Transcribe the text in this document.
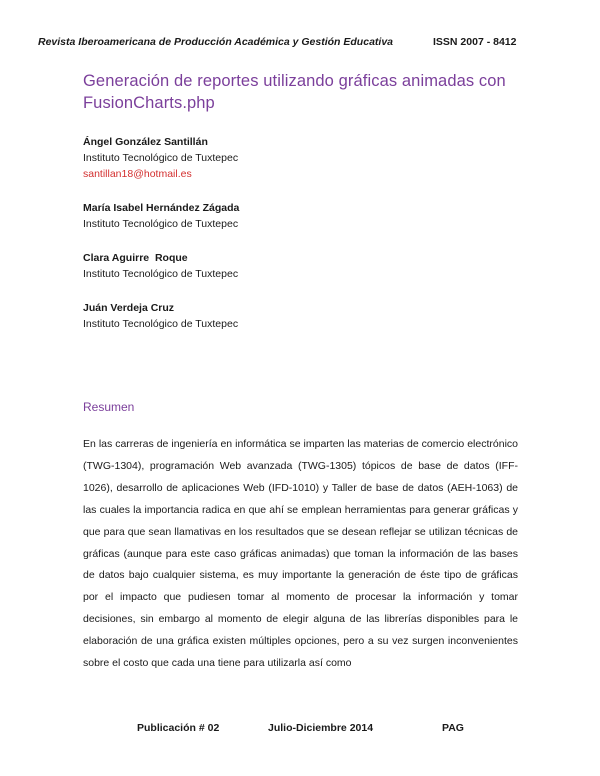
Revista Iberoamericana de Producción Académica y Gestión Educativa	ISSN 2007 - 8412
Generación de reportes utilizando gráficas animadas con FusionCharts.php
Ángel González Santillán
Instituto Tecnológico de Tuxtepec
santillan18@hotmail.es
María Isabel Hernández Zágada
Instituto Tecnológico de Tuxtepec
Clara Aguirre  Roque
Instituto Tecnológico de Tuxtepec
Juán Verdeja Cruz
Instituto Tecnológico de Tuxtepec
Resumen

En las carreras de ingeniería en informática se imparten las materias de comercio electrónico (TWG-1304), programación Web avanzada (TWG-1305) tópicos de base de datos (IFF-1026), desarrollo de aplicaciones Web (IFD-1010) y Taller de base de datos (AEH-1063) de las cuales la importancia radica en que ahí se emplean herramientas para generar gráficas y que para que sean llamativas en los resultados que se desean reflejar se utilizan técnicas de gráficas (aunque para este caso gráficas animadas) que toman la información de las bases de datos bajo cualquier sistema, es muy importante la generación de éste tipo de gráficas por el impacto que pudiesen tomar al momento de procesar la información y tomar decisiones, sin embargo al momento de elegir alguna de las librerías disponibles para le elaboración de una gráfica existen múltiples opciones, pero a su vez surgen inconvenientes sobre el costo que cada una tiene para utilizarla así como

Publicación # 02	Julio-Diciembre 2014	PAG
